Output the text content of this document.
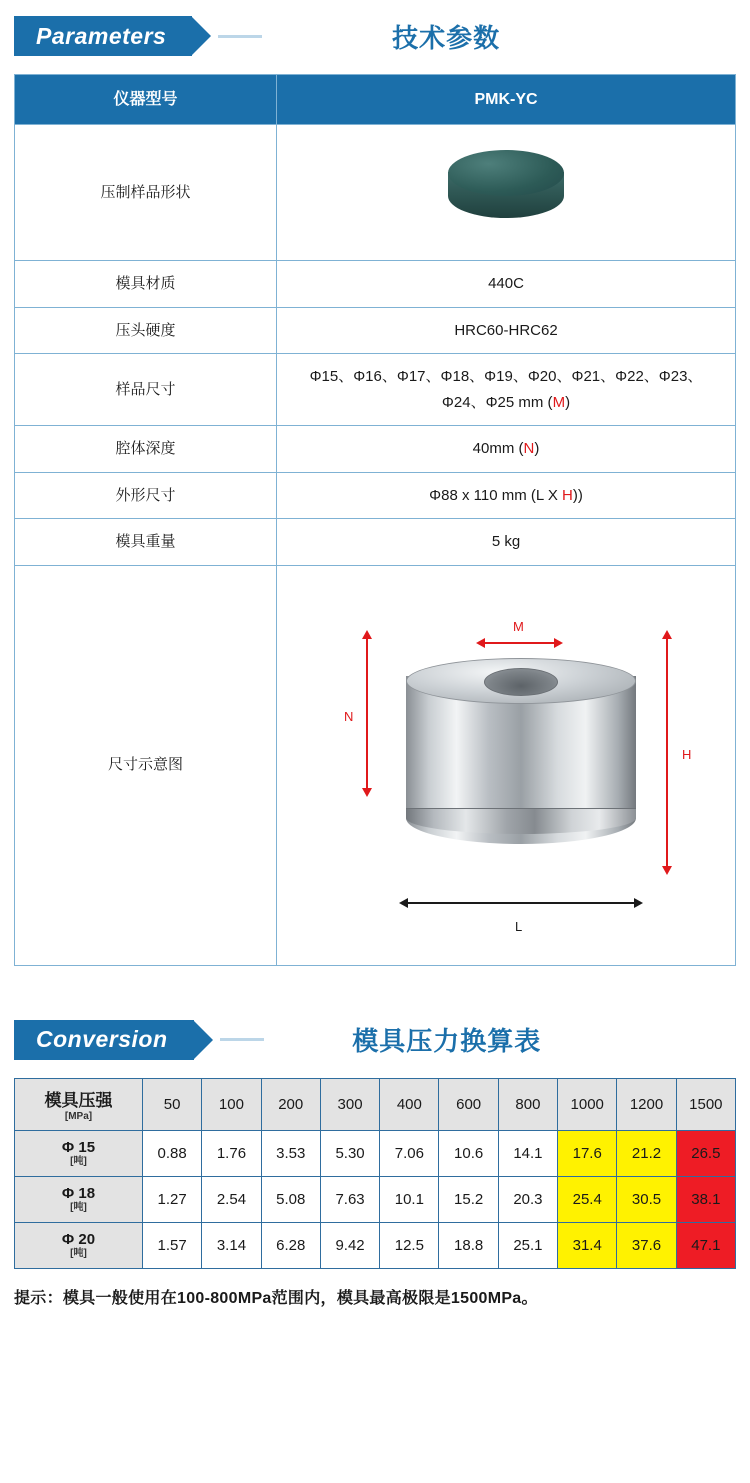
Parameters	技术参数
仪器型号	PMK-YC
压制样品形状	

模具材质	440C
压头硬度	HRC60-HRC62
样品尺寸	Φ15、Φ16、Φ17、Φ18、Φ19、Φ20、Φ21、Φ22、Φ23、
Φ24、Φ25 mm (M)
腔体深度	40mm (N)
外形尺寸	Φ88 x 110 mm (L X H))
模具重量	5 kg
尺寸示意图	M
N
H
L
Conversion	模具压力换算表
模具压强
[MPa]	50	100	200	300	400	600	800	1000	1200	1500
Φ 15
[吨]	0.88	1.76	3.53	5.30	7.06	10.6	14.1	17.6	21.2	26.5
Φ 18
[吨]	1.27	2.54	5.08	7.63	10.1	15.2	20.3	25.4	30.5	38.1
Φ 20
[吨]	1.57	3.14	6.28	9.42	12.5	18.8	25.1	31.4	37.6	47.1
提示：模具一般使用在100-800MPa范围内，模具最高极限是1500MPa。
